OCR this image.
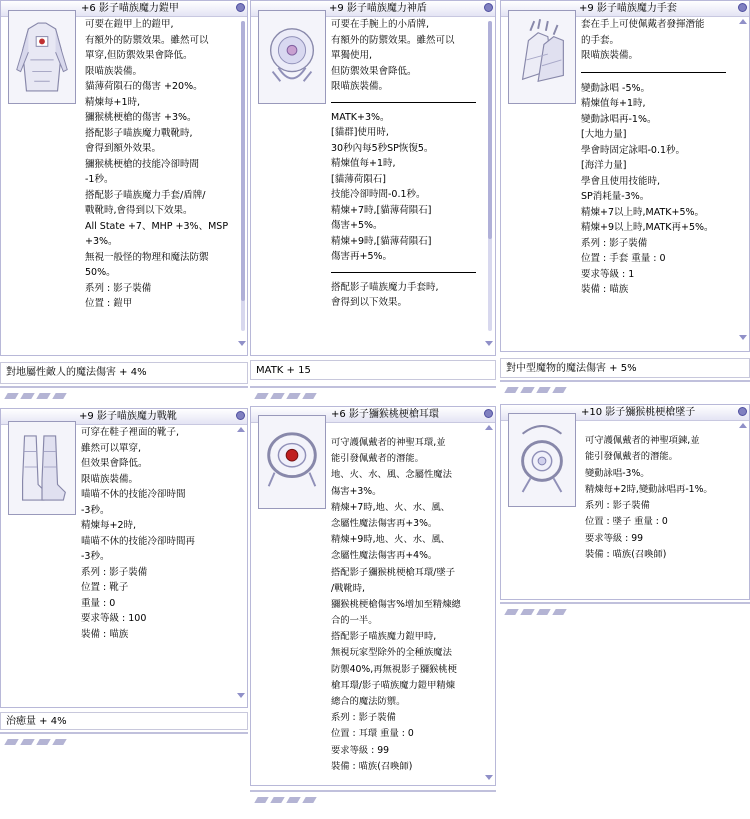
+6 影子喵族魔力鎧甲
可要在鎧甲上的鎧甲,
有額外的防禦效果。雖然可以
單穿,但防禦效果會降低。
限喵族裝備。
貓薄荷隕石的傷害 +20%。
精煉每+1時,
獼猴桃梗槍的傷害 +3%。
搭配影子喵族魔力戰靴時,
會得到額外效果。
獼猴桃梗槍的技能冷卻時間
-1秒。
搭配影子喵族魔力手套/盾牌/
戰靴時,會得到以下效果。
All State +7、MHP +3%、MSP
+3%。
無視一般怪的物理和魔法防禦
50%。
系列 : 影子裝備
位置 : 鎧甲
對地屬性敵人的魔法傷害 + 4%
+9 影子喵族魔力神盾
可要在手腕上的小盾牌,
有額外的防禦效果。雖然可以
單獨使用,
但防禦效果會降低。
限喵族裝備。
MATK+3%。
[貓群]使用時,
30秒內每5秒SP恢復5。
精煉值每+1時,
[貓薄荷隕石]
技能冷卻時間-0.1秒。
精煉+7時,[貓薄荷隕石]
傷害+5%。
精煉+9時,[貓薄荷隕石]
傷害再+5%。
搭配影子喵族魔力手套時,
會得到以下效果。
MATK + 15
+9 影子喵族魔力手套
套在手上可使佩戴者發揮潛能
的手套。
限喵族裝備。
變動詠唱 -5%。
精煉值每+1時,
變動詠唱再-1%。
[大地力量]
學會時固定詠唱-0.1秒。
[海洋力量]
學會且使用技能時,
SP消耗量-3%。
精煉+7以上時,MATK+5%。
精煉+9以上時,MATK再+5%。
系列 : 影子裝備
位置 : 手套 重量 : 0
要求等級 : 1
裝備 : 喵族
對中型魔物的魔法傷害 + 5%
+9 影子喵族魔力戰靴
可穿在鞋子裡面的靴子,
雖然可以單穿,
但效果會降低。
限喵族裝備。
喵喵不休的技能冷卻時間
-3秒。
精煉每+2時,
喵喵不休的技能冷卻時間再
-3秒。
系列 : 影子裝備
位置 : 靴子
重量 : 0
要求等級 : 100
裝備 : 喵族
治癒量 + 4%
+6 影子獼猴桃梗槍耳環
可守護佩戴者的神聖耳環,並
能引發佩戴者的潛能。
地、火、水、風、念屬性魔法
傷害+3%。
精煉+7時,地、火、水、風、
念屬性魔法傷害再+3%。
精煉+9時,地、火、水、風、
念屬性魔法傷害再+4%。
搭配影子獼猴桃梗槍耳環/墜子
/戰靴時,
獼猴桃梗槍傷害%增加至精煉總
合的一半。
搭配影子喵族魔力鎧甲時,
無視玩家型除外的全種族魔法
防禦40%,再無視影子獼猴桃梗
槍耳環/影子喵族魔力鎧甲精煉
總合的魔法防禦。
系列 : 影子裝備
位置 : 耳環 重量 : 0
要求等級 : 99
裝備 : 喵族(召喚師)
+10 影子獼猴桃梗槍墜子
可守護佩戴者的神聖項鍊,並
能引發佩戴者的潛能。
變動詠唱-3%。
精煉每+2時,變動詠唱再-1%。
系列 : 影子裝備
位置 : 墜子 重量 : 0
要求等級 : 99
裝備 : 喵族(召喚師)
